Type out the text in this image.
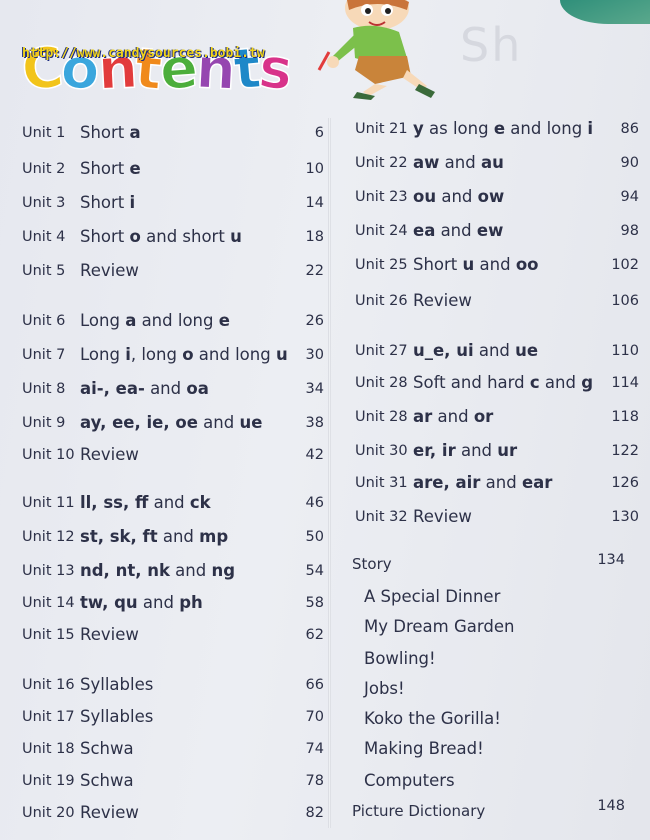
Sh
Contents
http://www.candysources.bobi.tw
Unit 1 Short a	6
Unit 2 Short e	10
Unit 3 Short i	14
Unit 4 Short o and short u	18
Unit 5 Review	22
Unit 6 Long a and long e	26
Unit 7 Long i, long o and long u	30
Unit 8 ai-, ea- and oa	34
Unit 9 ay, ee, ie, oe and ue	38
Unit 10 Review	42
Unit 11 ll, ss, ff and ck	46
Unit 12 st, sk, ft and mp	50
Unit 13 nd, nt, nk and ng	54
Unit 14 tw, qu and ph	58
Unit 15 Review	62
Unit 16 Syllables	66
Unit 17 Syllables	70
Unit 18 Schwa	74
Unit 19 Schwa	78
Unit 20 Review	82
Unit 21 y as long e and long i	86
Unit 22 aw and au	90
Unit 23 ou and ow	94
Unit 24 ea and ew	98
Unit 25 Short u and oo	102
Unit 26 Review	106
Unit 27 u_e, ui and ue	110
Unit 28 Soft and hard c and g 114
Unit 28 ar and or	118
Unit 30 er, ir and ur	122
Unit 31 are, air and ear	126
Unit 32 Review	130
Story	134
A Special Dinner
My Dream Garden
Bowling!
Jobs!
Koko the Gorilla!
Making Bread!
Computers
Picture Dictionary	148
